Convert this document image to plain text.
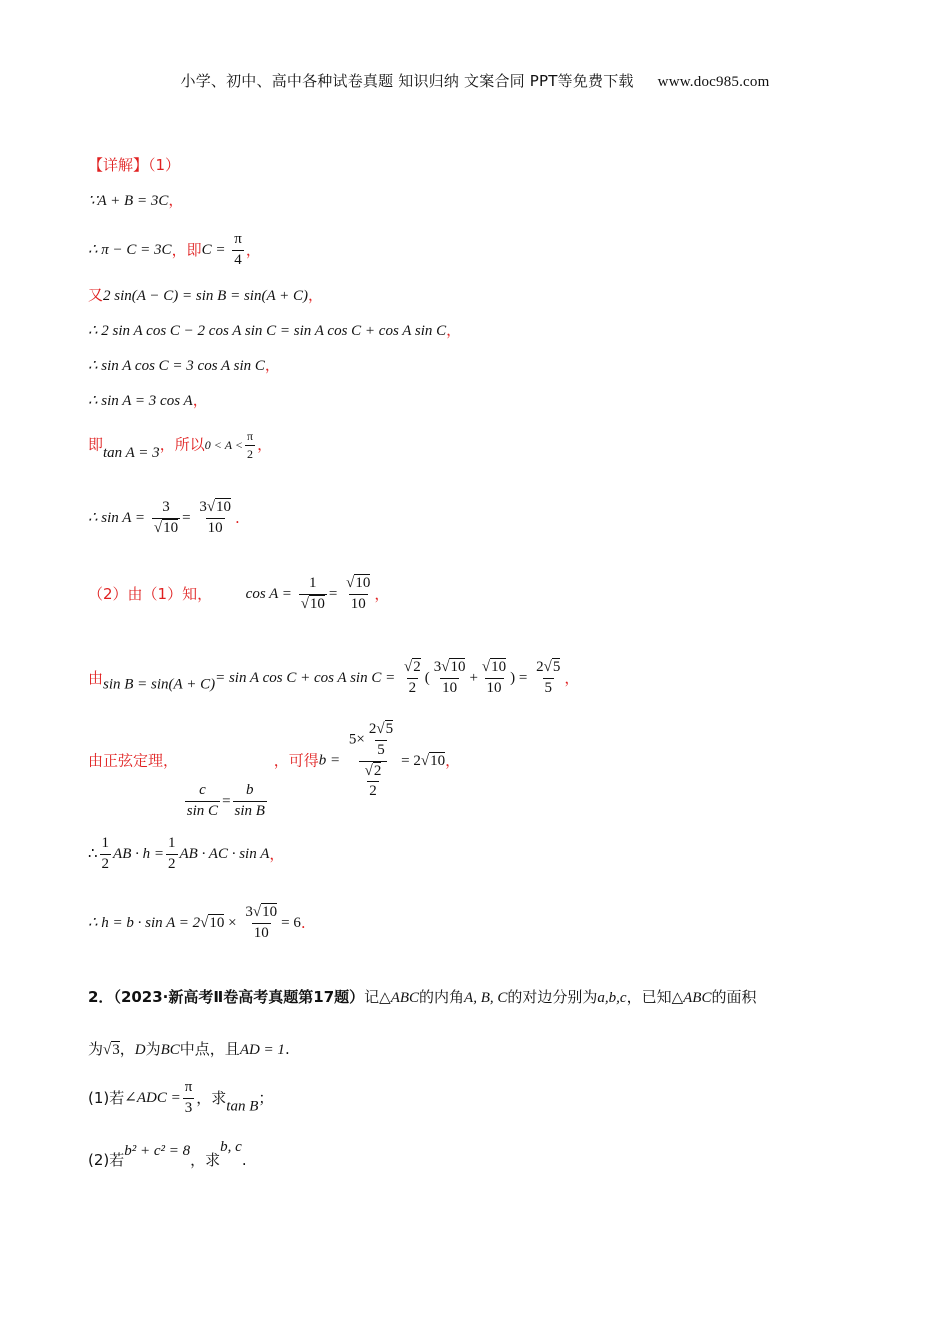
小学、初中、高中各种试卷真题 知识归纳 文案合同 PPT等免费下载 www.doc985.com
【详解】（1）
∵A + B = 3C，
∴ π − C = 3C，即$C = \frac{\pi}{4}$ ，
又2 sin(A − C) = sin B = sin(A + C)，
∴ 2 sin A cos C − 2 cos A sin C = sin A cos C + cos A sin C，
∴ sin A cos C = 3 cos A sin C，
∴ sin A = 3 cos A，
即tan A = 3，所以$0 < A < \frac{\pi}{2}$ ，
∴ $\sin A = \frac{3}{√10} = \frac{3√10}{10}$ .
（2）由（1）知， $\cos A = \frac{1}{√10} = \frac{√10}{10}$ ，
由sin B = sin(A + C)= sin A cos C + cos A $\sin C = \frac{√2}{2}$ ( $\frac{3√10}{10} + \frac{√10}{10}$ ) = $\frac{2√5}{5}$ ，
由正弦定理，
$\frac{c}{\text{sin C}} = \frac{b}{\text{sin B}}$
，可得$b = \frac{5\times \frac{2√5}{5}}{\frac{√2}{2}} = 2√10$，
∴ $\frac{1}{2}$ AB · $h = \frac{1}{2}$ AB · AC · sin A，
∴ $h = b \cdot \sin A = 2√10 \times \frac{3√10}{10} = 6$.
2．（2023·新高考Ⅱ卷高考真题第17题）记△ABC的内角A, B, C的对边分别为a,b,c，已知△ABC的面积
为√3，D为BC中点，且AD = 1.
(1)若∠ADC = $\frac{\pi}{3}$ ，求tan B；
(2)若b² + c² = 8，求b, c.
